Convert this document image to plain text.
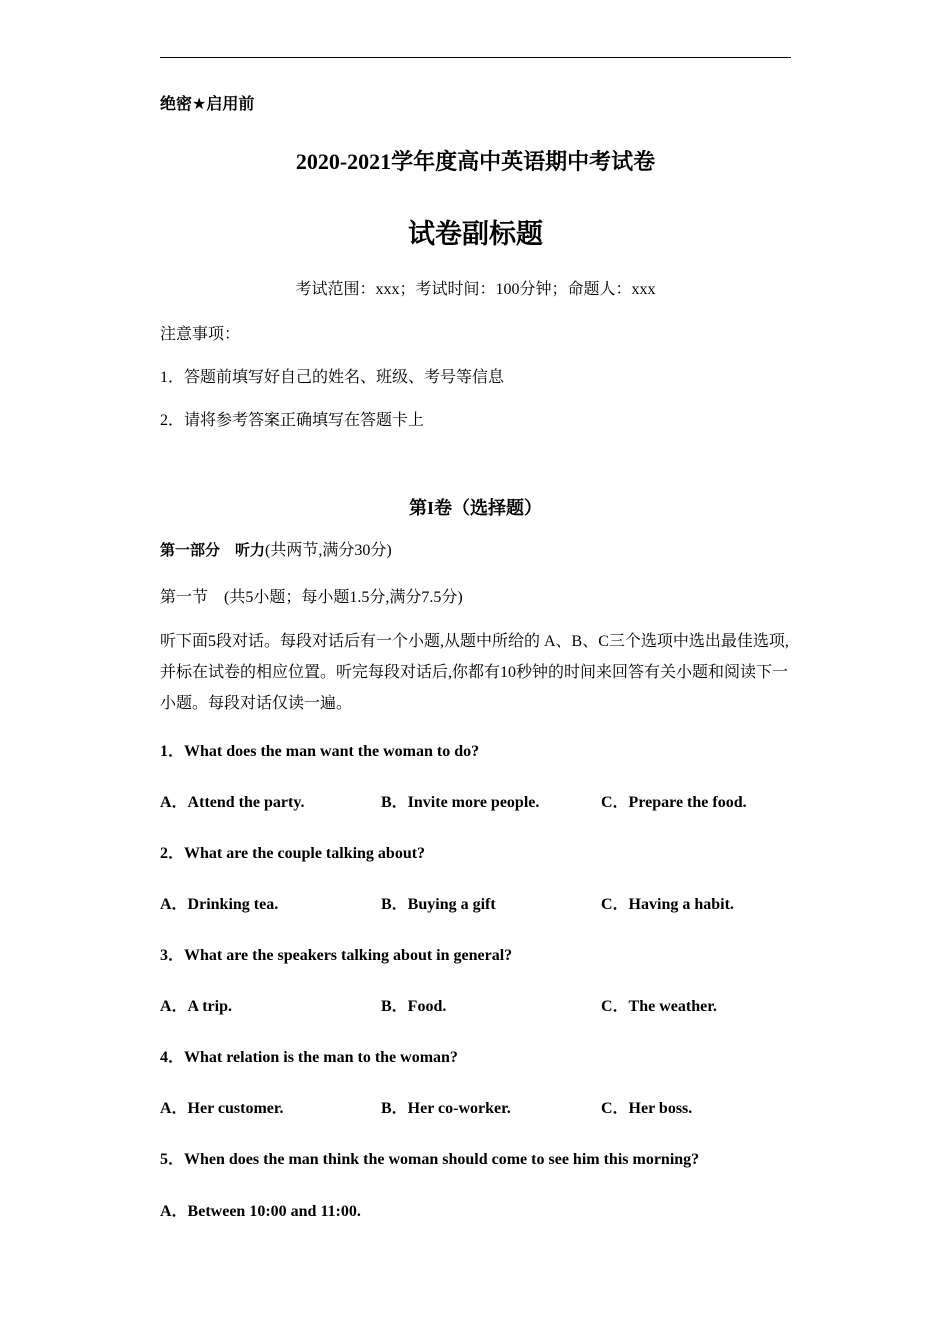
绝密★启用前
2020-2021学年度高中英语期中考试卷
试卷副标题
考试范围：xxx；考试时间：100分钟；命题人：xxx
注意事项：
1．答题前填写好自己的姓名、班级、考号等信息
2．请将参考答案正确填写在答题卡上
第I卷（选择题）
第一部分　听力(共两节,满分30分)
第一节　(共5小题；每小题1.5分,满分7.5分)
听下面5段对话。每段对话后有一个小题,从题中所给的 A、B、C三个选项中选出最佳选项,并标在试卷的相应位置。听完每段对话后,你都有10秒钟的时间来回答有关小题和阅读下一小题。每段对话仅读一遍。
1．What does the man want the woman to do?
A．Attend the party.	B．Invite more people.	C．Prepare the food.
2．What are the couple talking about?
A．Drinking tea.	B．Buying a gift	C．Having a habit.
3．What are the speakers talking about in general?
A．A trip.	B．Food.	C．The weather.
4．What relation is the man to the woman?
A．Her customer.	B．Her co-worker.	C．Her boss.
5．When does the man think the woman should come to see him this morning?
A．Between 10:00 and 11:00.
